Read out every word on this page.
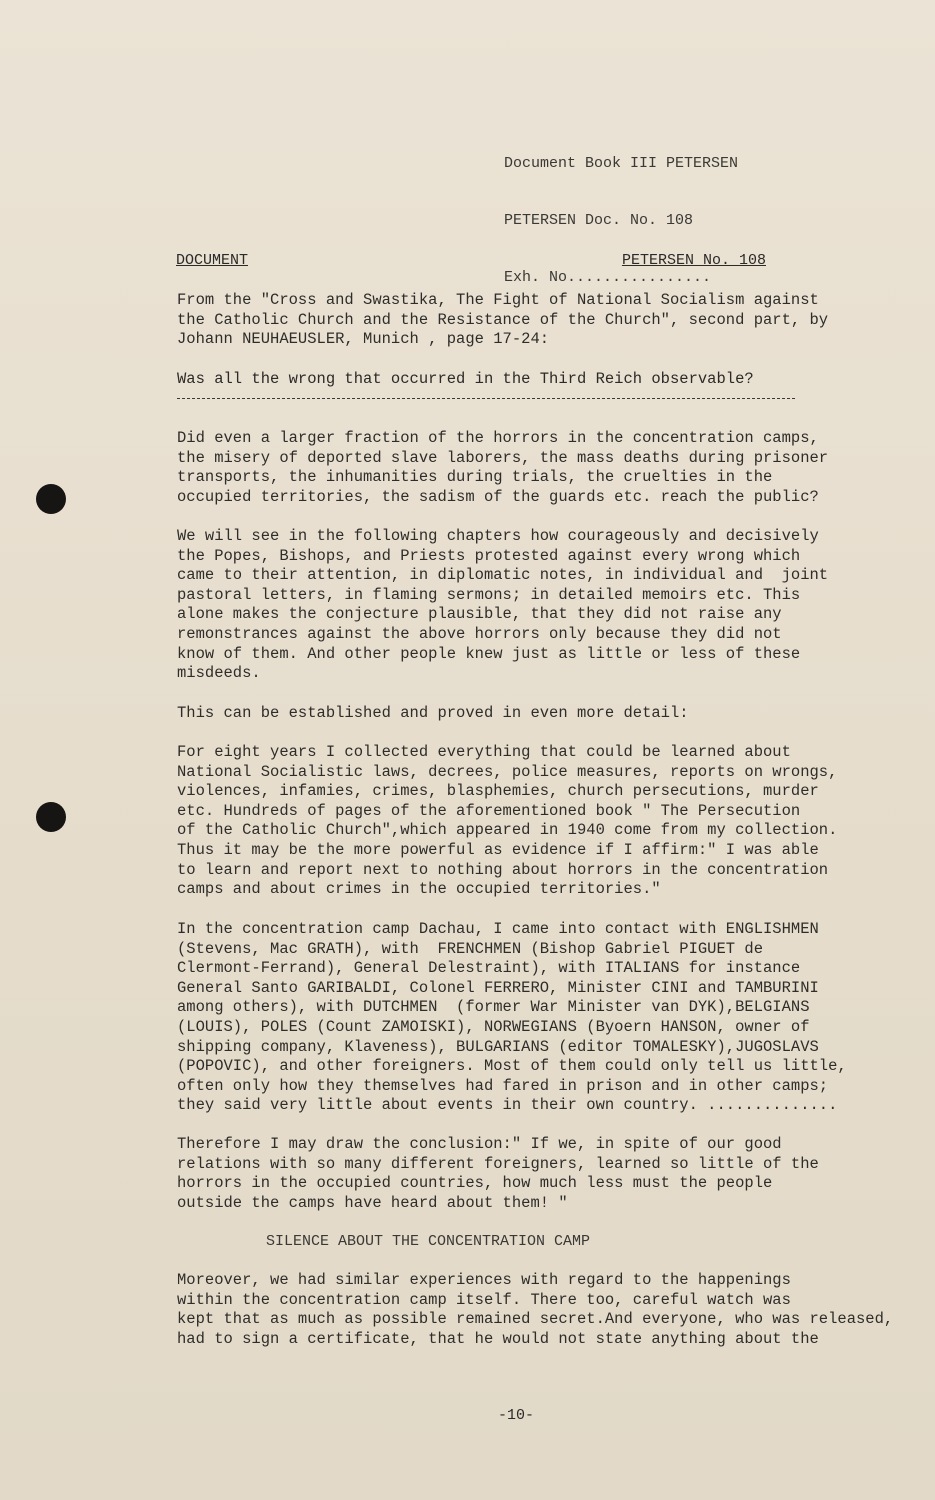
Document Book III PETERSEN

PETERSEN Doc. No. 108

Exh. No................

DOCUMENT	PETERSEN No. 108
From the "Cross and Swastika, The Fight of National Socialism against
the Catholic Church and the Resistance of the Church", second part, by
Johann NEUHAEUSLER, Munich , page 17-24:
Was all the wrong that occurred in the Third Reich observable?
Did even a larger fraction of the horrors in the concentration camps,
the misery of deported slave laborers, the mass deaths during prisoner
transports, the inhumanities during trials, the cruelties in the
occupied territories, the sadism of the guards etc. reach the public?
We will see in the following chapters how courageously and decisively
the Popes, Bishops, and Priests protested against every wrong which
came to their attention, in diplomatic notes, in individual and  joint
pastoral letters, in flaming sermons; in detailed memoirs etc. This
alone makes the conjecture plausible, that they did not raise any
remonstrances against the above horrors only because they did not
know of them. And other people knew just as little or less of these
misdeeds.
This can be established and proved in even more detail:
For eight years I collected everything that could be learned about
National Socialistic laws, decrees, police measures, reports on wrongs,
violences, infamies, crimes, blasphemies, church persecutions, murder
etc. Hundreds of pages of the aforementioned book " The Persecution
of the Catholic Church",which appeared in 1940 come from my collection.
Thus it may be the more powerful as evidence if I affirm:" I was able
to learn and report next to nothing about horrors in the concentration
camps and about crimes in the occupied territories."
In the concentration camp Dachau, I came into contact with ENGLISHMEN
(Stevens, Mac GRATH), with  FRENCHMEN (Bishop Gabriel PIGUET de
Clermont-Ferrand), General Delestraint), with ITALIANS for instance
General Santo GARIBALDI, Colonel FERRERO, Minister CINI and TAMBURINI
among others), with DUTCHMEN  (former War Minister van DYK),BELGIANS
(LOUIS), POLES (Count ZAMOISKI), NORWEGIANS (Byoern HANSON, owner of
shipping company, Klaveness), BULGARIANS (editor TOMALESKY),JUGOSLAVS
(POPOVIC), and other foreigners. Most of them could only tell us little,
often only how they themselves had fared in prison and in other camps;
they said very little about events in their own country. ..............
Therefore I may draw the conclusion:" If we, in spite of our good
relations with so many different foreigners, learned so little of the
horrors in the occupied countries, how much less must the people
outside the camps have heard about them! "
SILENCE ABOUT THE CONCENTRATION CAMP
Moreover, we had similar experiences with regard to the happenings
within the concentration camp itself. There too, careful watch was
kept that as much as possible remained secret.And everyone, who was released,
had to sign a certificate, that he would not state anything about the
-10-
